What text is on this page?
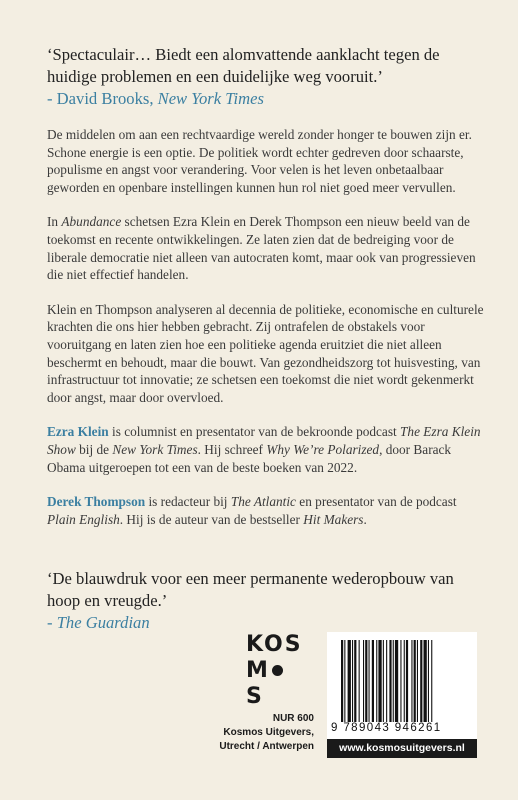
‘Spectaculair… Biedt een alomvattende aanklacht tegen de huidige problemen en een duidelijke weg vooruit.’
- David Brooks, New York Times

De middelen om aan een rechtvaardige wereld zonder honger te bouwen zijn er. Schone energie is een optie. De politiek wordt echter gedreven door schaarste, populisme en angst voor verandering. Voor velen is het leven onbetaalbaar geworden en openbare instellingen kunnen hun rol niet goed meer vervullen.

In Abundance schetsen Ezra Klein en Derek Thompson een nieuw beeld van de toekomst en recente ontwikkelingen. Ze laten zien dat de bedreiging voor de liberale democratie niet alleen van autocraten komt, maar ook van progressieven die niet effectief handelen.

Klein en Thompson analyseren al decennia de politieke, economische en culturele krachten die ons hier hebben gebracht. Zij ontrafelen de obstakels voor vooruitgang en laten zien hoe een politieke agenda eruitziet die niet alleen beschermt en behoudt, maar die bouwt. Van gezondheidszorg tot huisvesting, van infrastructuur tot innovatie; ze schetsen een toekomst die niet wordt gekenmerkt door angst, maar door overvloed.

Ezra Klein is columnist en presentator van de bekroonde podcast The Ezra Klein Show bij de New York Times. Hij schreef Why We’re Polarized, door Barack Obama uitgeroepen tot een van de beste boeken van 2022.

Derek Thompson is redacteur bij The Atlantic en presentator van de podcast Plain English. Hij is de auteur van de bestseller Hit Makers.

‘De blauwdruk voor een meer permanente wederopbouw van hoop en vreugde.’
- The Guardian
KOS
MS
NUR 600
Kosmos Uitgevers,
Utrecht / Antwerpen
9 789043 946261
www.kosmosuitgevers.nl
